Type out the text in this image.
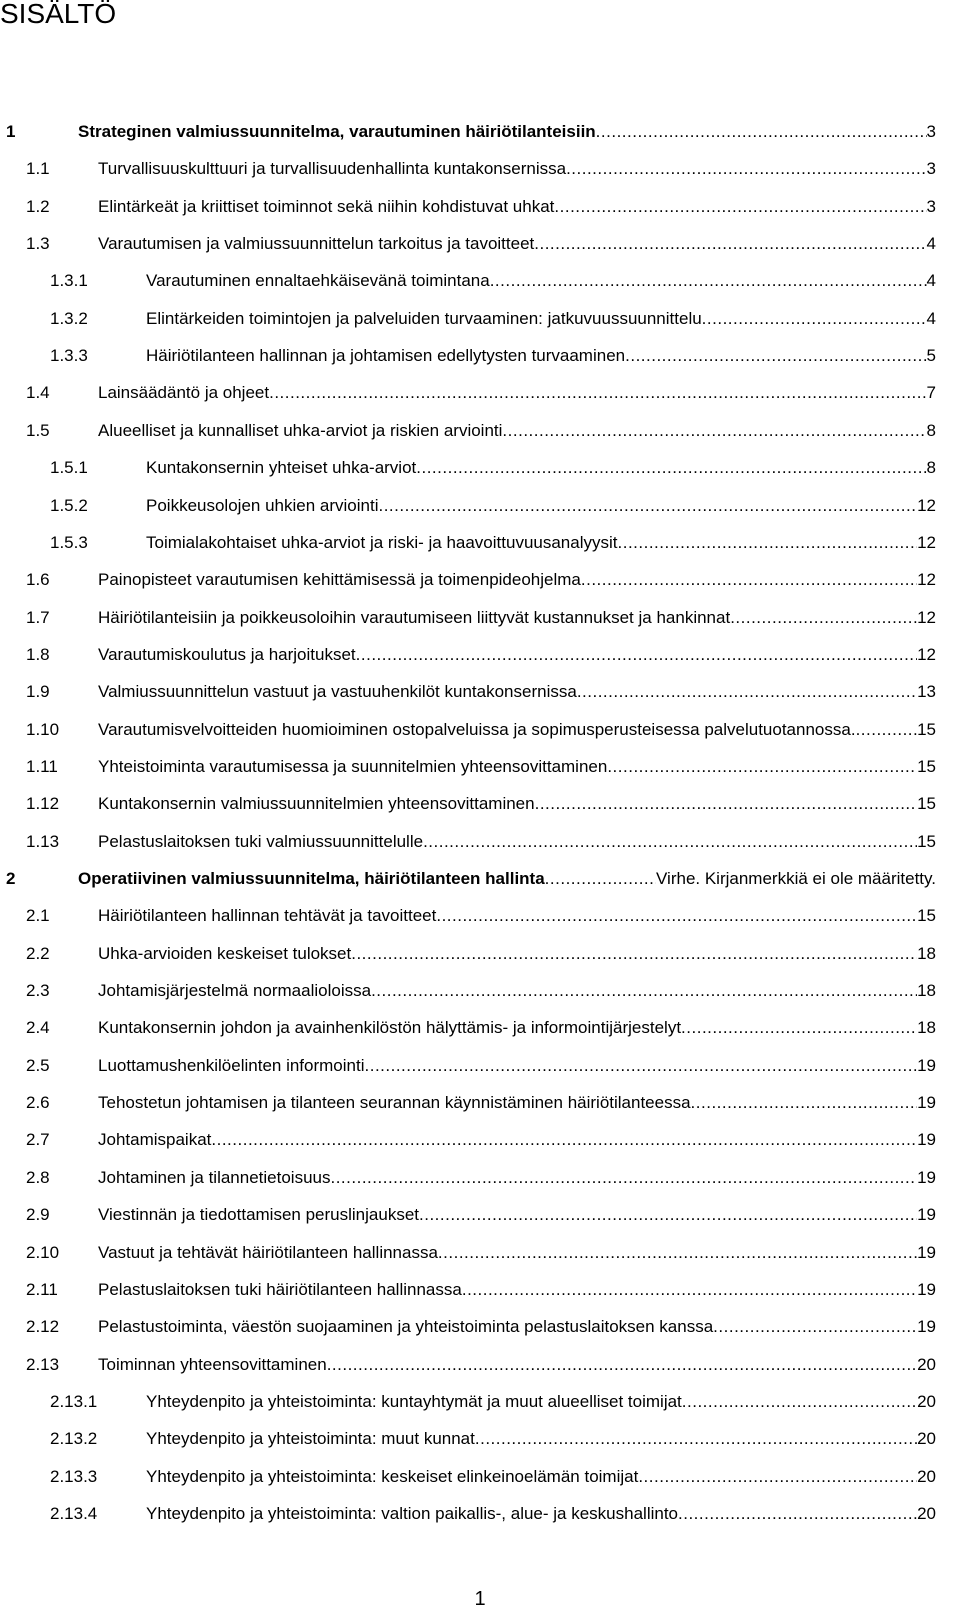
SISÄLTÖ
1	Strateginen valmiussuunnitelma, varautuminen häiriötilanteisiin .....	3
1.1	Turvallisuuskulttuuri ja turvallisuudenhallinta kuntakonsernissa .....	3
1.2	Elintärkeät ja kriittiset toiminnot sekä niihin kohdistuvat uhkat .....	3
1.3	Varautumisen ja valmiussuunnittelun tarkoitus ja tavoitteet .....	4
1.3.1	Varautuminen ennaltaehkäisevänä toimintana .....	4
1.3.2	Elintärkeiden toimintojen ja palveluiden turvaaminen: jatkuvuussuunnittelu .....	4
1.3.3	Häiriötilanteen hallinnan ja johtamisen edellytysten turvaaminen .....	5
1.4	Lainsäädäntö ja ohjeet .....	7
1.5	Alueelliset ja kunnalliset uhka-arviot ja riskien arviointi .....	8
1.5.1	Kuntakonsernin yhteiset uhka-arviot .....	8
1.5.2	Poikkeusolojen uhkien arviointi .....	12
1.5.3	Toimialakohtaiset uhka-arviot ja riski- ja haavoittuvuusanalyysit .....	12
1.6	Painopisteet varautumisen kehittämisessä ja toimenpideohjelma .....	12
1.7	Häiriötilanteisiin ja poikkeusoloihin varautumiseen liittyvät kustannukset ja hankinnat .....	12
1.8	Varautumiskoulutus ja harjoitukset .....	12
1.9	Valmiussuunnittelun vastuut ja vastuuhenkilöt kuntakonsernissa .....	13
1.10 Varautumisvelvoitteiden huomioiminen ostopalveluissa ja sopimusperusteisessa palvelutuotannossa. .....	15
1.11 Yhteistoiminta varautumisessa ja suunnitelmien yhteensovittaminen .....	15
1.12 Kuntakonsernin valmiussuunnitelmien yhteensovittaminen .....	15
1.13 Pelastuslaitoksen tuki valmiussuunnittelulle .....	15
2	Operatiivinen valmiussuunnitelma, häiriötilanteen hallinta .....	Virhe. Kirjanmerkkiä ei ole määritetty.
2.1	Häiriötilanteen hallinnan tehtävät ja tavoitteet .....	15
2.2	Uhka-arvioiden keskeiset tulokset .....	18
2.3	Johtamisjärjestelmä normaalioloissa .....	18
2.4	Kuntakonsernin johdon ja avainhenkilöstön hälyttämis- ja informointijärjestelyt .....	18
2.5	Luottamushenkilöelinten informointi .....	19
2.6	Tehostetun johtamisen ja tilanteen seurannan käynnistäminen häiriötilanteessa .....	19
2.7	Johtamispaikat .....	19
2.8	Johtaminen ja tilannetietoisuus .....	19
2.9	Viestinnän ja tiedottamisen peruslinjaukset .....	19
2.10 Vastuut ja tehtävät häiriötilanteen hallinnassa .....	19
2.11 Pelastuslaitoksen tuki häiriötilanteen hallinnassa .....	19
2.12 Pelastustoiminta, väestön suojaaminen ja yhteistoiminta pelastuslaitoksen kanssa .....	19
2.13 Toiminnan yhteensovittaminen .....	20
2.13.1	Yhteydenpito ja yhteistoiminta: kuntayhtymät ja muut alueelliset toimijat .....	20
2.13.2	Yhteydenpito ja yhteistoiminta: muut kunnat .....	20
2.13.3	Yhteydenpito ja yhteistoiminta: keskeiset elinkeinoelämän toimijat .....	20
2.13.4	Yhteydenpito ja yhteistoiminta: valtion paikallis-, alue- ja keskushallinto .....	20
1
